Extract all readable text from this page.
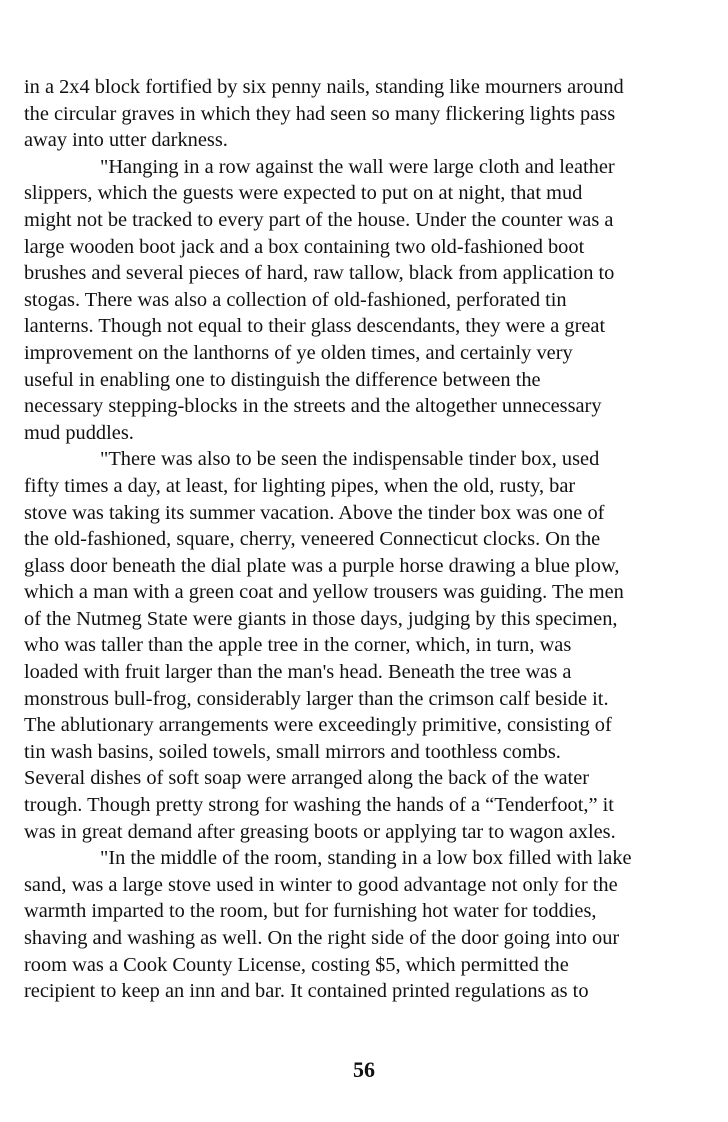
in a 2x4 block fortified by six penny nails, standing like mourners around
the circular graves in which they had seen so many flickering lights pass
away into utter darkness.
"Hanging in a row against the wall were large cloth and leather
slippers, which the guests were expected to put on at night, that mud
might not be tracked to every part of the house. Under the counter was a
large wooden boot jack and a box containing two old-fashioned boot
brushes and several pieces of hard, raw tallow, black from application to
stogas. There was also a collection of old-fashioned, perforated tin
lanterns. Though not equal to their glass descendants, they were a great
improvement on the lanthorns of ye olden times, and certainly very
useful in enabling one to distinguish the difference between the
necessary stepping-blocks in the streets and the altogether unnecessary
mud puddles.
"There was also to be seen the indispensable tinder box, used
fifty times a day, at least, for lighting pipes, when the old, rusty, bar
stove was taking its summer vacation. Above the tinder box was one of
the old-fashioned, square, cherry, veneered Connecticut clocks. On the
glass door beneath the dial plate was a purple horse drawing a blue plow,
which a man with a green coat and yellow trousers was guiding. The men
of the Nutmeg State were giants in those days, judging by this specimen,
who was taller than the apple tree in the corner, which, in turn, was
loaded with fruit larger than the man's head. Beneath the tree was a
monstrous bull-frog, considerably larger than the crimson calf beside it.
The ablutionary arrangements were exceedingly primitive, consisting of
tin wash basins, soiled towels, small mirrors and toothless combs.
Several dishes of soft soap were arranged along the back of the water
trough. Though pretty strong for washing the hands of a “Tenderfoot,” it
was in great demand after greasing boots or applying tar to wagon axles.
"In the middle of the room, standing in a low box filled with lake
sand, was a large stove used in winter to good advantage not only for the
warmth imparted to the room, but for furnishing hot water for toddies,
shaving and washing as well. On the right side of the door going into our
room was a Cook County License, costing $5, which permitted the
recipient to keep an inn and bar. It contained printed regulations as to
56
